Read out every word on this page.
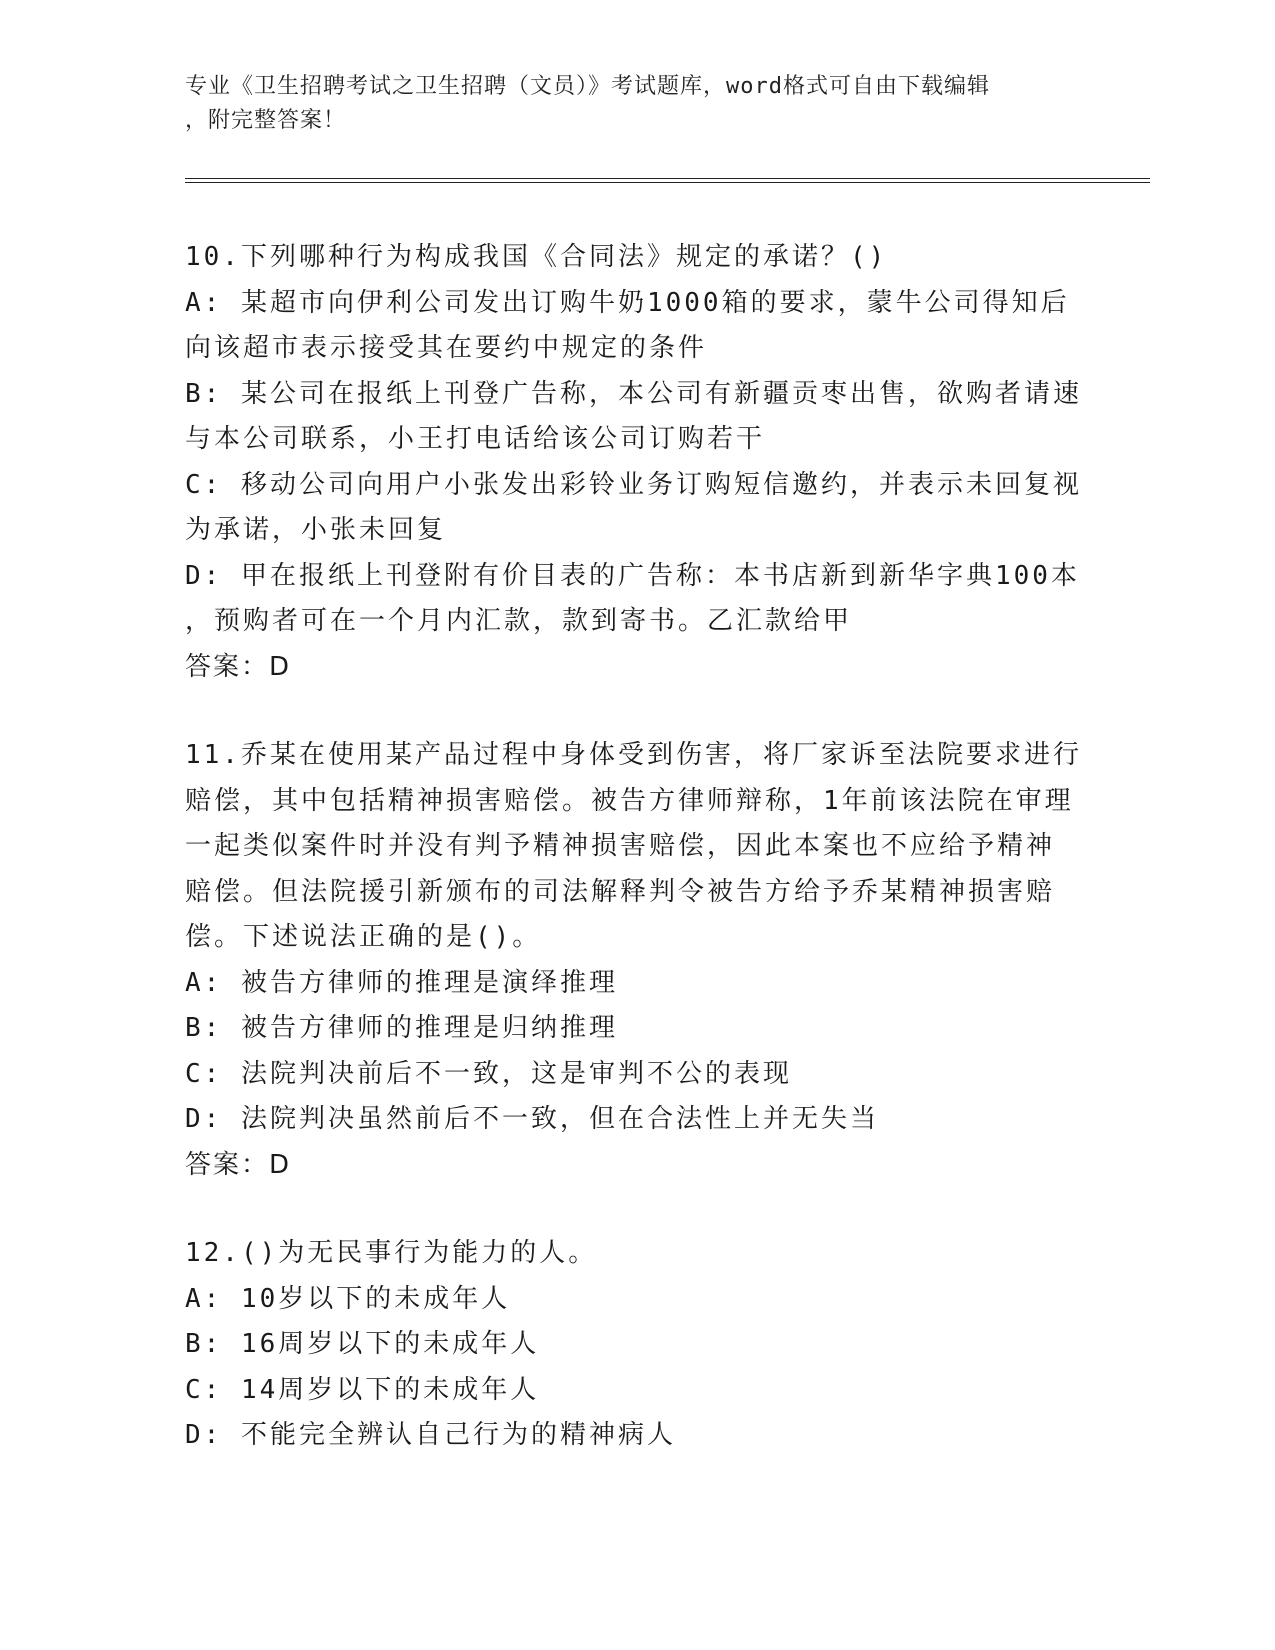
专业《卫生招聘考试之卫生招聘（文员）》考试题库，word格式可自由下载编辑
，附完整答案！
10.下列哪种行为构成我国《合同法》规定的承诺？()
A: 某超市向伊利公司发出订购牛奶1000箱的要求，蒙牛公司得知后
向该超市表示接受其在要约中规定的条件
B: 某公司在报纸上刊登广告称，本公司有新疆贡枣出售，欲购者请速
与本公司联系，小王打电话给该公司订购若干
C: 移动公司向用户小张发出彩铃业务订购短信邀约，并表示未回复视
为承诺，小张未回复
D: 甲在报纸上刊登附有价目表的广告称：本书店新到新华字典100本
，预购者可在一个月内汇款，款到寄书。乙汇款给甲
答案：D
11.乔某在使用某产品过程中身体受到伤害，将厂家诉至法院要求进行
赔偿，其中包括精神损害赔偿。被告方律师辩称，1年前该法院在审理
一起类似案件时并没有判予精神损害赔偿，因此本案也不应给予精神
赔偿。但法院援引新颁布的司法解释判令被告方给予乔某精神损害赔
偿。下述说法正确的是()。
A: 被告方律师的推理是演绎推理
B: 被告方律师的推理是归纳推理
C: 法院判决前后不一致，这是审判不公的表现
D: 法院判决虽然前后不一致，但在合法性上并无失当
答案：D
12.()为无民事行为能力的人。
A: 10岁以下的未成年人
B: 16周岁以下的未成年人
C: 14周岁以下的未成年人
D: 不能完全辨认自己行为的精神病人
